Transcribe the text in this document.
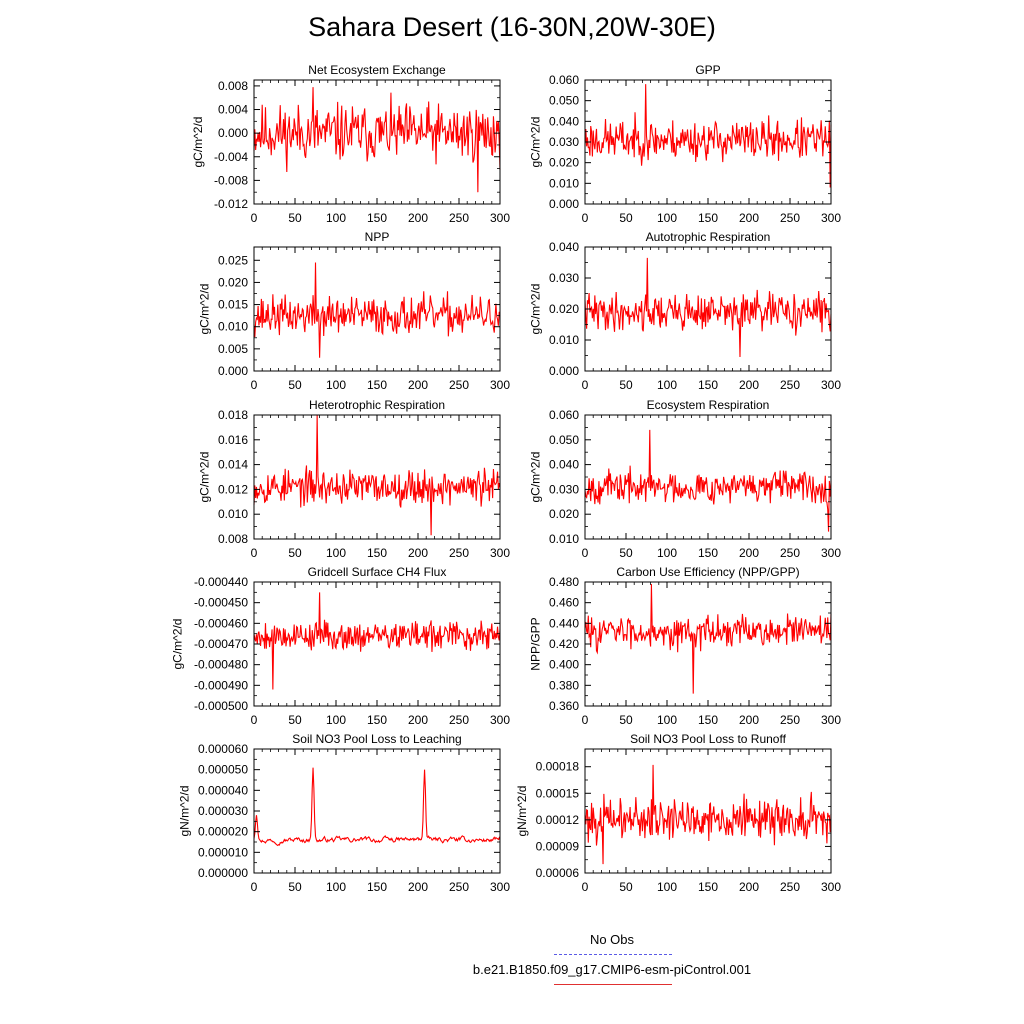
Sahara Desert (16-30N,20W-30E)
Net Ecosystem Exchange
0	50 100 150 200 250 300
-0.012
-0.008
-0.004
0.000
0.004
0.008
gC/m^2/d
GPP
0	50 100 150 200 250 300
0.000
0.010
0.020
0.030
0.040
0.050
0.060
gC/m^2/d
NPP
0	50 100 150 200 250 300
0.000
0.005
0.010
0.015
0.020
0.025
gC/m^2/d
Autotrophic Respiration
0	50 100 150 200 250 300
0.000
0.010
0.020
0.030
0.040
gC/m^2/d
Heterotrophic Respiration
0	50 100 150 200 250 300
0.008
0.010
0.012
0.014
0.016
0.018
gC/m^2/d
Ecosystem Respiration
0	50 100 150 200 250 300
0.010
0.020
0.030
0.040
0.050
0.060
gC/m^2/d
Gridcell Surface CH4 Flux
0	50 100 150 200 250 300
-0.000500
-0.000490
-0.000480
-0.000470
-0.000460
-0.000450
-0.000440
gC/m^2/d
Carbon Use Efficiency (NPP/GPP)
0	50 100 150 200 250 300
0.360
0.380
0.400
0.420
0.440
0.460
0.480
NPP/GPP
Soil NO3 Pool Loss to Leaching
0	50 100 150 200 250 300
0.000000
0.000010
0.000020
0.000030
0.000040
0.000050
0.000060
gN/m^2/d
Soil NO3 Pool Loss to Runoff
0	50 100 150 200 250 300
0.00006
0.00009
0.00012
0.00015
0.00018
gN/m^2/d
No Obs
b.e21.B1850.f09_g17.CMIP6-esm-piControl.001
